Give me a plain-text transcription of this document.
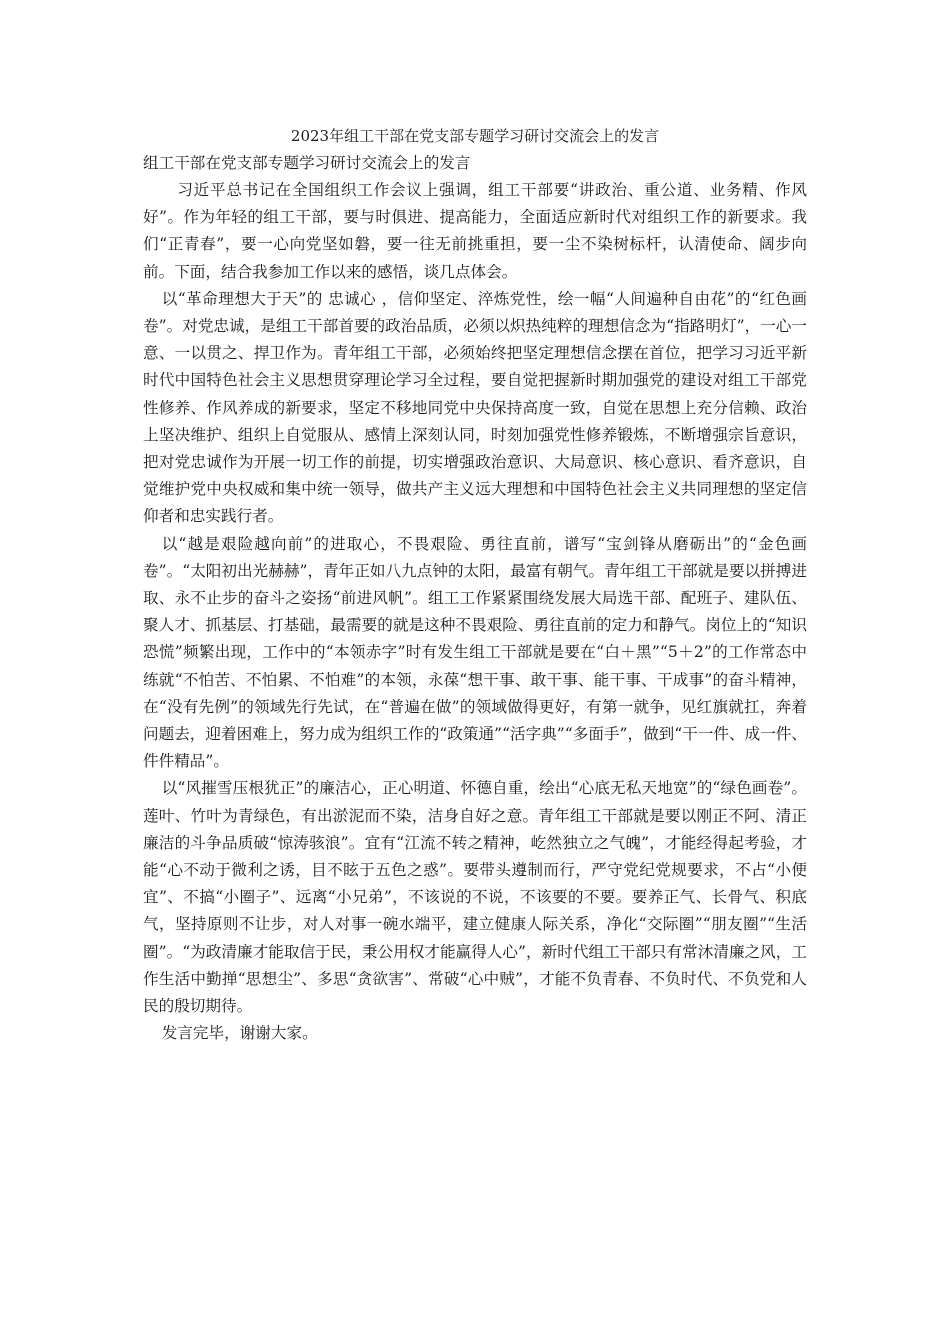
2023年组工干部在党支部专题学习研讨交流会上的发言

组工干部在党支部专题学习研讨交流会上的发言

习近平总书记在全国组织工作会议上强调，组工干部要“讲政治、重公道、业务精、作风好”。作为年轻的组工干部，要与时俱进、提高能力，全面适应新时代对组织工作的新要求。我们“正青春”，要一心向党坚如磐，要一往无前挑重担，要一尘不染树标杆，认清使命、阔步向前。下面，结合我参加工作以来的感悟，谈几点体会。

以“革命理想大于天”的 忠诚心 ，信仰坚定、淬炼党性，绘一幅“人间遍种自由花”的“红色画卷”。对党忠诚，是组工干部首要的政治品质，必须以炽热纯粹的理想信念为“指路明灯”，一心一意、一以贯之、捍卫作为。青年组工干部，必须始终把坚定理想信念摆在首位，把学习习近平新时代中国特色社会主义思想贯穿理论学习全过程，要自觉把握新时期加强党的建设对组工干部党性修养、作风养成的新要求，坚定不移地同党中央保持高度一致，自觉在思想上充分信赖、政治上坚决维护、组织上自觉服从、感情上深刻认同，时刻加强党性修养锻炼，不断增强宗旨意识，把对党忠诚作为开展一切工作的前提，切实增强政治意识、大局意识、核心意识、看齐意识，自觉维护党中央权威和集中统一领导，做共产主义远大理想和中国特色社会主义共同理想的坚定信仰者和忠实践行者。

以“越是艰险越向前”的进取心，不畏艰险、勇往直前，谱写“宝剑锋从磨砺出”的“金色画卷”。“太阳初出光赫赫”，青年正如八九点钟的太阳，最富有朝气。青年组工干部就是要以拼搏进取、永不止步的奋斗之姿扬“前进风帆”。组工工作紧紧围绕发展大局选干部、配班子、建队伍、聚人才、抓基层、打基础，最需要的就是这种不畏艰险、勇往直前的定力和静气。岗位上的“知识恐慌”频繁出现，工作中的“本领赤字”时有发生组工干部就是要在“白＋黑”“5＋2”的工作常态中练就“不怕苦、不怕累、不怕难”的本领，永葆“想干事、敢干事、能干事、干成事”的奋斗精神，在“没有先例”的领域先行先试，在“普遍在做”的领域做得更好，有第一就争，见红旗就扛，奔着问题去，迎着困难上，努力成为组织工作的“政策通”“活字典”“多面手”，做到“干一件、成一件、件件精品”。

以“风摧雪压根犹正”的廉洁心，正心明道、怀德自重，绘出“心底无私天地宽”的“绿色画卷”。莲叶、竹叶为青绿色，有出淤泥而不染，洁身自好之意。青年组工干部就是要以刚正不阿、清正廉洁的斗争品质破“惊涛骇浪”。宜有“江流不转之精神，屹然独立之气魄”，才能经得起考验，才能“心不动于微利之诱，目不眩于五色之惑”。要带头遵制而行，严守党纪党规要求，不占“小便宜”、不搞“小圈子”、远离“小兄弟”，不该说的不说，不该要的不要。要养正气、长骨气、积底气，坚持原则不让步，对人对事一碗水端平，建立健康人际关系，净化“交际圈”“朋友圈”“生活圈”。“为政清廉才能取信于民，秉公用权才能赢得人心”，新时代组工干部只有常沐清廉之风，工作生活中勤掸“思想尘”、多思“贪欲害”、常破“心中贼”，才能不负青春、不负时代、不负党和人民的殷切期待。

发言完毕，谢谢大家。
